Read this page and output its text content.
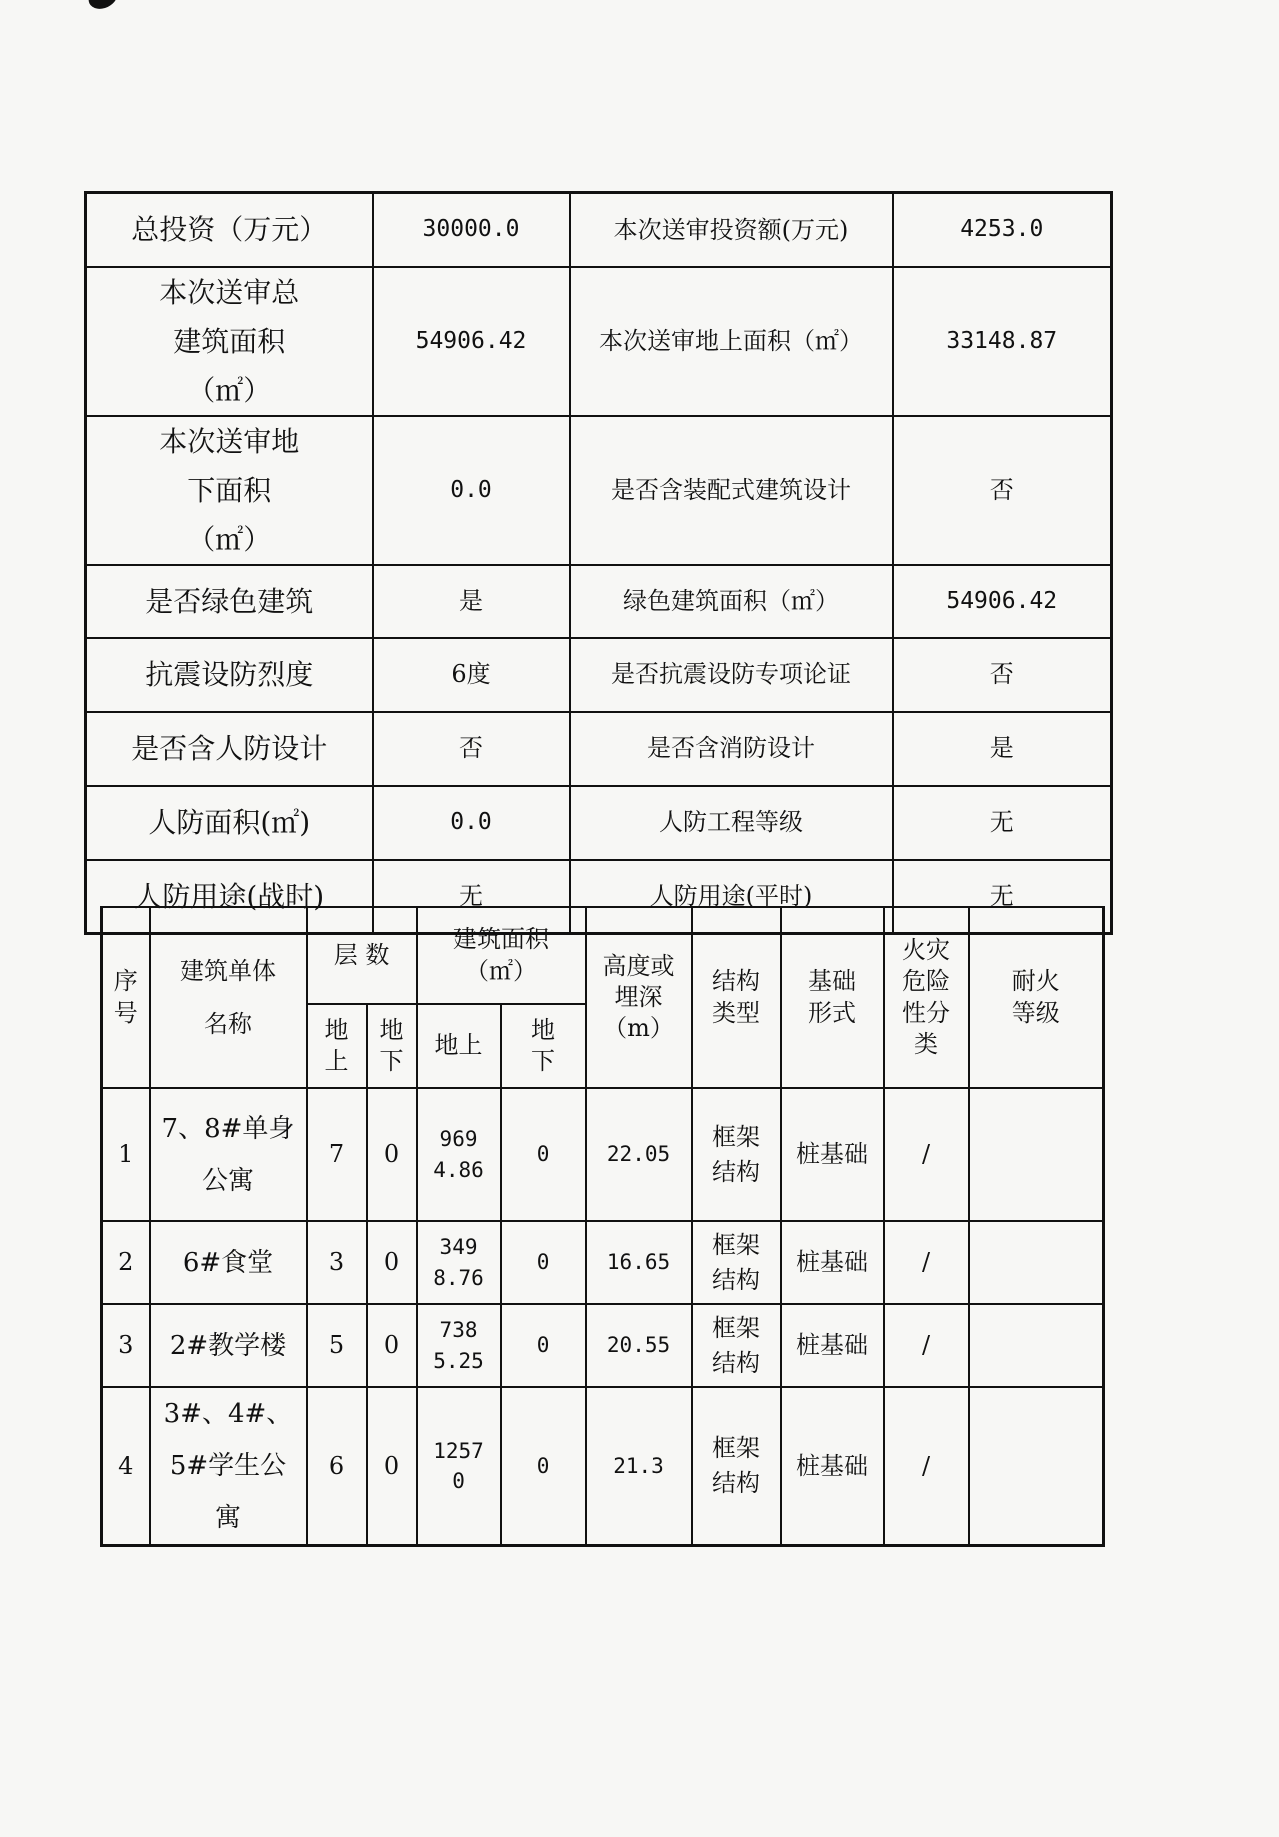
总投资（万元）	30000.0	本次送审投资额(万元)	4253.0
本次送审总建筑面积（㎡）	54906.42	本次送审地上面积（㎡）	33148.87
本次送审地下面积（㎡）	0.0	是否含装配式建筑设计	否
是否绿色建筑	是	绿色建筑面积（㎡）	54906.42
抗震设防烈度	6度	是否抗震设防专项论证	否
是否含人防设计	否	是否含消防设计	是
人防面积(㎡)	0.0	人防工程等级	无
人防用途(战时)	无	人防用途(平时)	无
序号	建筑单体名称	层 数		建筑面积（㎡）		高度或埋深（m）	结构类型	基础形式	火灾危险性分类	耐火等级
		地上	地下	地上	地下					
1	7、8#单身公寓	7	0	9694.86	0	22.05	框架结构	桩基础	/	
2	6#食堂	3	0	3498.76	0	16.65	框架结构	桩基础	/	
3	2#教学楼	5	0	7385.25	0	20.55	框架结构	桩基础	/	
4	3#、4#、5#学生公寓	6	0	12570	0	21.3	框架结构	桩基础	/	
